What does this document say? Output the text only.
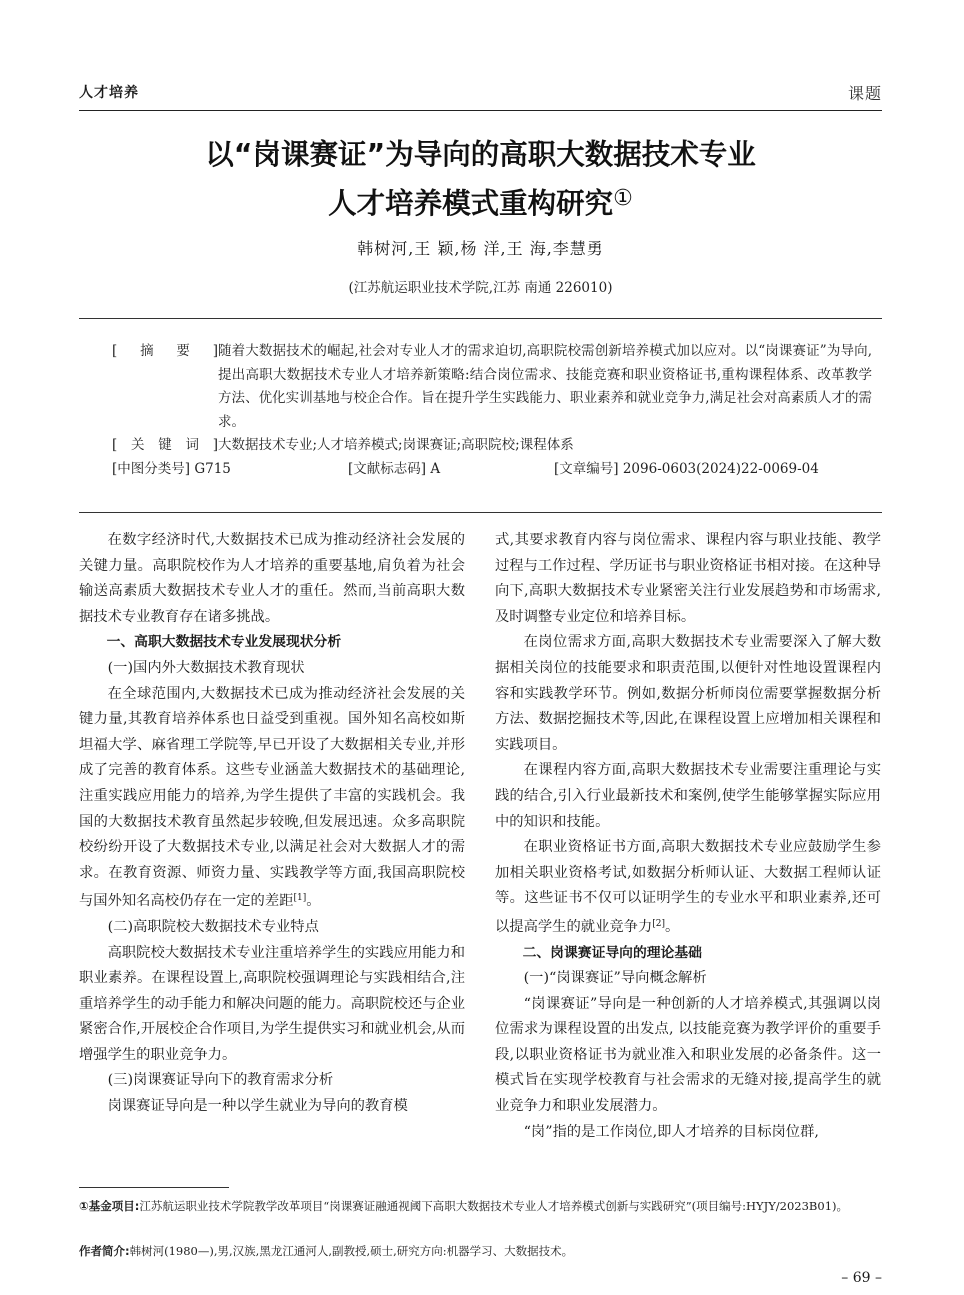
人才培养	课题
以“岗课赛证”为导向的高职大数据技术专业
人才培养模式重构研究①
韩树河,王 颖,杨 洋,王 海,李慧勇
(江苏航运职业技术学院,江苏 南通 226010)
[ 摘 要 ] 随着大数据技术的崛起,社会对专业人才的需求迫切,高职院校需创新培养模式加以应对。以“岗课赛证”为导向,提出高职大数据技术专业人才培养新策略:结合岗位需求、技能竞赛和职业资格证书,重构课程体系、改革教学方法、优化实训基地与校企合作。旨在提升学生实践能力、职业素养和就业竞争力,满足社会对高素质人才的需求。
[ 关 键 词 ] 大数据技术专业;人才培养模式;岗课赛证;高职院校;课程体系
[中图分类号] G715	[文献标志码] A	[文章编号] 2096-0603(2024)22-0069-04

在数字经济时代,大数据技术已成为推动经济社会发展的关键力量。高职院校作为人才培养的重要基地,肩负着为社会输送高素质大数据技术专业人才的重任。然而,当前高职大数据技术专业教育存在诸多挑战。

一、高职大数据技术专业发展现状分析

(一)国内外大数据技术教育现状

在全球范围内,大数据技术已成为推动经济社会发展的关键力量,其教育培养体系也日益受到重视。国外知名高校如斯坦福大学、麻省理工学院等,早已开设了大数据相关专业,并形成了完善的教育体系。这些专业涵盖大数据技术的基础理论,注重实践应用能力的培养,为学生提供了丰富的实践机会。我国的大数据技术教育虽然起步较晚,但发展迅速。众多高职院校纷纷开设了大数据技术专业,以满足社会对大数据人才的需求。在教育资源、师资力量、实践教学等方面,我国高职院校与国外知名高校仍存在一定的差距[1]。

(二)高职院校大数据技术专业特点

高职院校大数据技术专业注重培养学生的实践应用能力和职业素养。在课程设置上,高职院校强调理论与实践相结合,注重培养学生的动手能力和解决问题的能力。高职院校还与企业紧密合作,开展校企合作项目,为学生提供实习和就业机会,从而增强学生的职业竞争力。

(三)岗课赛证导向下的教育需求分析

岗课赛证导向是一种以学生就业为导向的教育模

式,其要求教育内容与岗位需求、课程内容与职业技能、教学过程与工作过程、学历证书与职业资格证书相对接。在这种导向下,高职大数据技术专业紧密关注行业发展趋势和市场需求,及时调整专业定位和培养目标。

在岗位需求方面,高职大数据技术专业需要深入了解大数据相关岗位的技能要求和职责范围,以便针对性地设置课程内容和实践教学环节。例如,数据分析师岗位需要掌握数据分析方法、数据挖掘技术等,因此,在课程设置上应增加相关课程和实践项目。

在课程内容方面,高职大数据技术专业需要注重理论与实践的结合,引入行业最新技术和案例,使学生能够掌握实际应用中的知识和技能。

在职业资格证书方面,高职大数据技术专业应鼓励学生参加相关职业资格考试,如数据分析师认证、大数据工程师认证等。这些证书不仅可以证明学生的专业水平和职业素养,还可以提高学生的就业竞争力[2]。

二、岗课赛证导向的理论基础

(一)“岗课赛证”导向概念解析

“岗课赛证”导向是一种创新的人才培养模式,其强调以岗位需求为课程设置的出发点, 以技能竞赛为教学评价的重要手段,以职业资格证书为就业准入和职业发展的必备条件。这一模式旨在实现学校教育与社会需求的无缝对接,提高学生的就业竞争力和职业发展潜力。

“岗”指的是工作岗位,即人才培养的目标岗位群,

①基金项目:江苏航运职业技术学院教学改革项目“岗课赛证融通视阈下高职大数据技术专业人才培养模式创新与实践研究”(项目编号:HYJY/2023B01)。
作者简介:韩树河(1980—),男,汉族,黑龙江通河人,副教授,硕士,研究方向:机器学习、大数据技术。
– 69 –
